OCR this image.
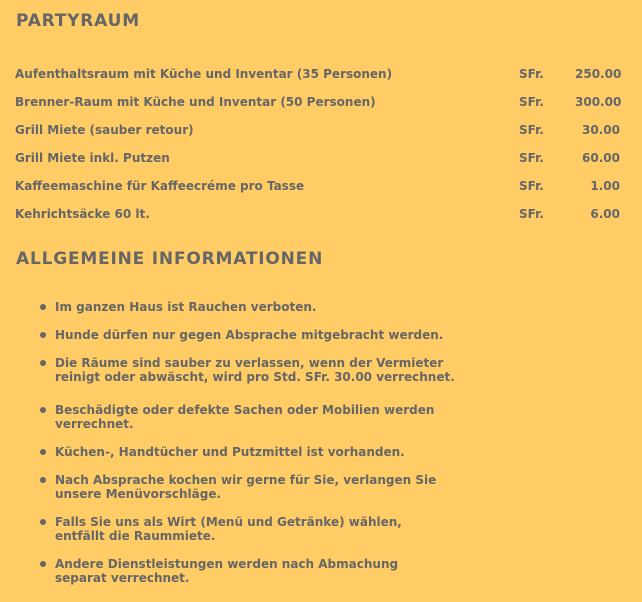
PARTYRAUM
Aufenthaltsraum mit Küche und Inventar (35 Personen)	SFr.	250.00
Brenner-Raum mit Küche und Inventar (50 Personen)	SFr.	300.00
Grill Miete (sauber retour)	SFr.	30.00
Grill Miete inkl. Putzen	SFr.	60.00
Kaffeemaschine für Kaffeecréme pro Tasse	SFr.	1.00
Kehrichtsäcke 60 lt.	SFr.	6.00
ALLGEMEINE INFORMATIONEN
Im ganzen Haus ist Rauchen verboten.
Hunde dürfen nur gegen Absprache mitgebracht werden.
Die Räume sind sauber zu verlassen, wenn der Vermieter
reinigt oder abwäscht, wird pro Std. SFr. 30.00 verrechnet.
Beschädigte oder defekte Sachen oder Mobilien werden
verrechnet.
Küchen-, Handtücher und Putzmittel ist vorhanden.
Nach Absprache kochen wir gerne für Sie, verlangen Sie
unsere Menüvorschläge.
Falls Sie uns als Wirt (Menü und Getränke) wählen,
entfällt die Raummiete.
Andere Dienstleistungen werden nach Abmachung
separat verrechnet.
